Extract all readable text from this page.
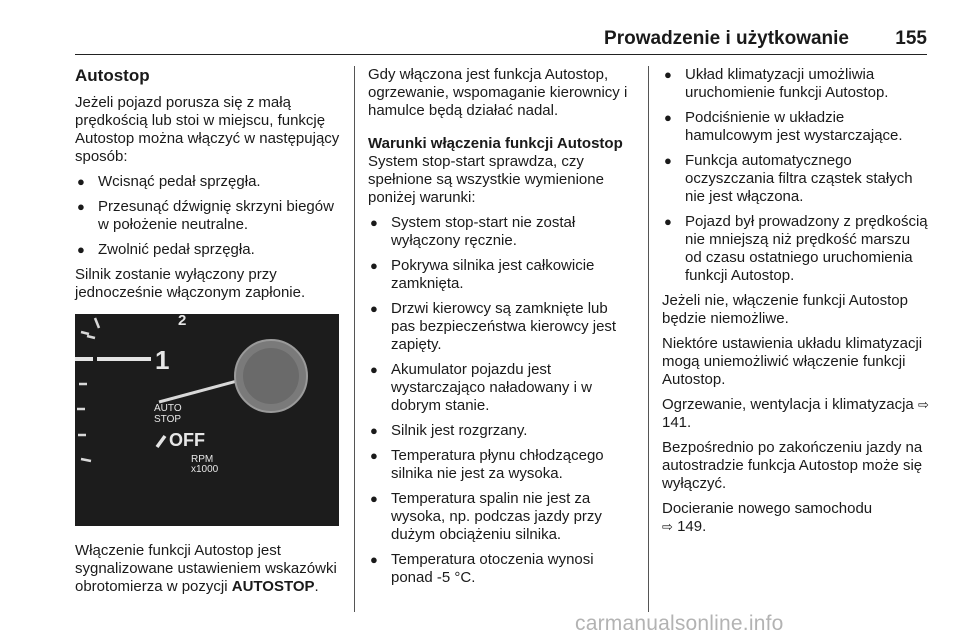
Prowadzenie i użytkowanie 155
Autostop

Jeżeli pojazd porusza się z małą prędkością lub stoi w miejscu, funkcję Autostop można włączyć w następujący sposób:

● Wcisnąć pedał sprzęgła.
● Przesunąć dźwignię skrzyni biegów w położenie neutralne.
● Zwolnić pedał sprzęgła.

Silnik zostanie wyłączony przy jednocześnie włączonym zapłonie.

2
1
AUTO
STOP
OFF
RPM
x1000

Włączenie funkcji Autostop jest sygnalizowane ustawieniem wskazówki obrotomierza w pozycji AUTOSTOP.

Gdy włączona jest funkcja Autostop, ogrzewanie, wspomaganie kierownicy i hamulce będą działać nadal.

Warunki włączenia funkcji Autostop

System stop-start sprawdza, czy spełnione są wszystkie wymienione poniżej warunki:

● System stop-start nie został wyłączony ręcznie.
● Pokrywa silnika jest całkowicie zamknięta.
● Drzwi kierowcy są zamknięte lub pas bezpieczeństwa kierowcy jest zapięty.
● Akumulator pojazdu jest wystarczająco naładowany i w dobrym stanie.
● Silnik jest rozgrzany.
● Temperatura płynu chłodzącego silnika nie jest za wysoka.
● Temperatura spalin nie jest za wysoka, np. podczas jazdy przy dużym obciążeniu silnika.
● Temperatura otoczenia wynosi ponad -5 °C.
● Układ klimatyzacji umożliwia uruchomienie funkcji Autostop.
● Podciśnienie w układzie hamulcowym jest wystarczające.
● Funkcja automatycznego oczyszczania filtra cząstek stałych nie jest włączona.
● Pojazd był prowadzony z prędkością nie mniejszą niż prędkość marszu od czasu ostatniego uruchomienia funkcji Autostop.

Jeżeli nie, włączenie funkcji Autostop będzie niemożliwe.

Niektóre ustawienia układu klimatyzacji mogą uniemożliwić włączenie funkcji Autostop.

Ogrzewanie, wentylacja i klimatyzacja ⇨ 141.

Bezpośrednio po zakończeniu jazdy na autostradzie funkcja Autostop może się wyłączyć.

Docieranie nowego samochodu
⇨ 149.

carmanualsonline.info
